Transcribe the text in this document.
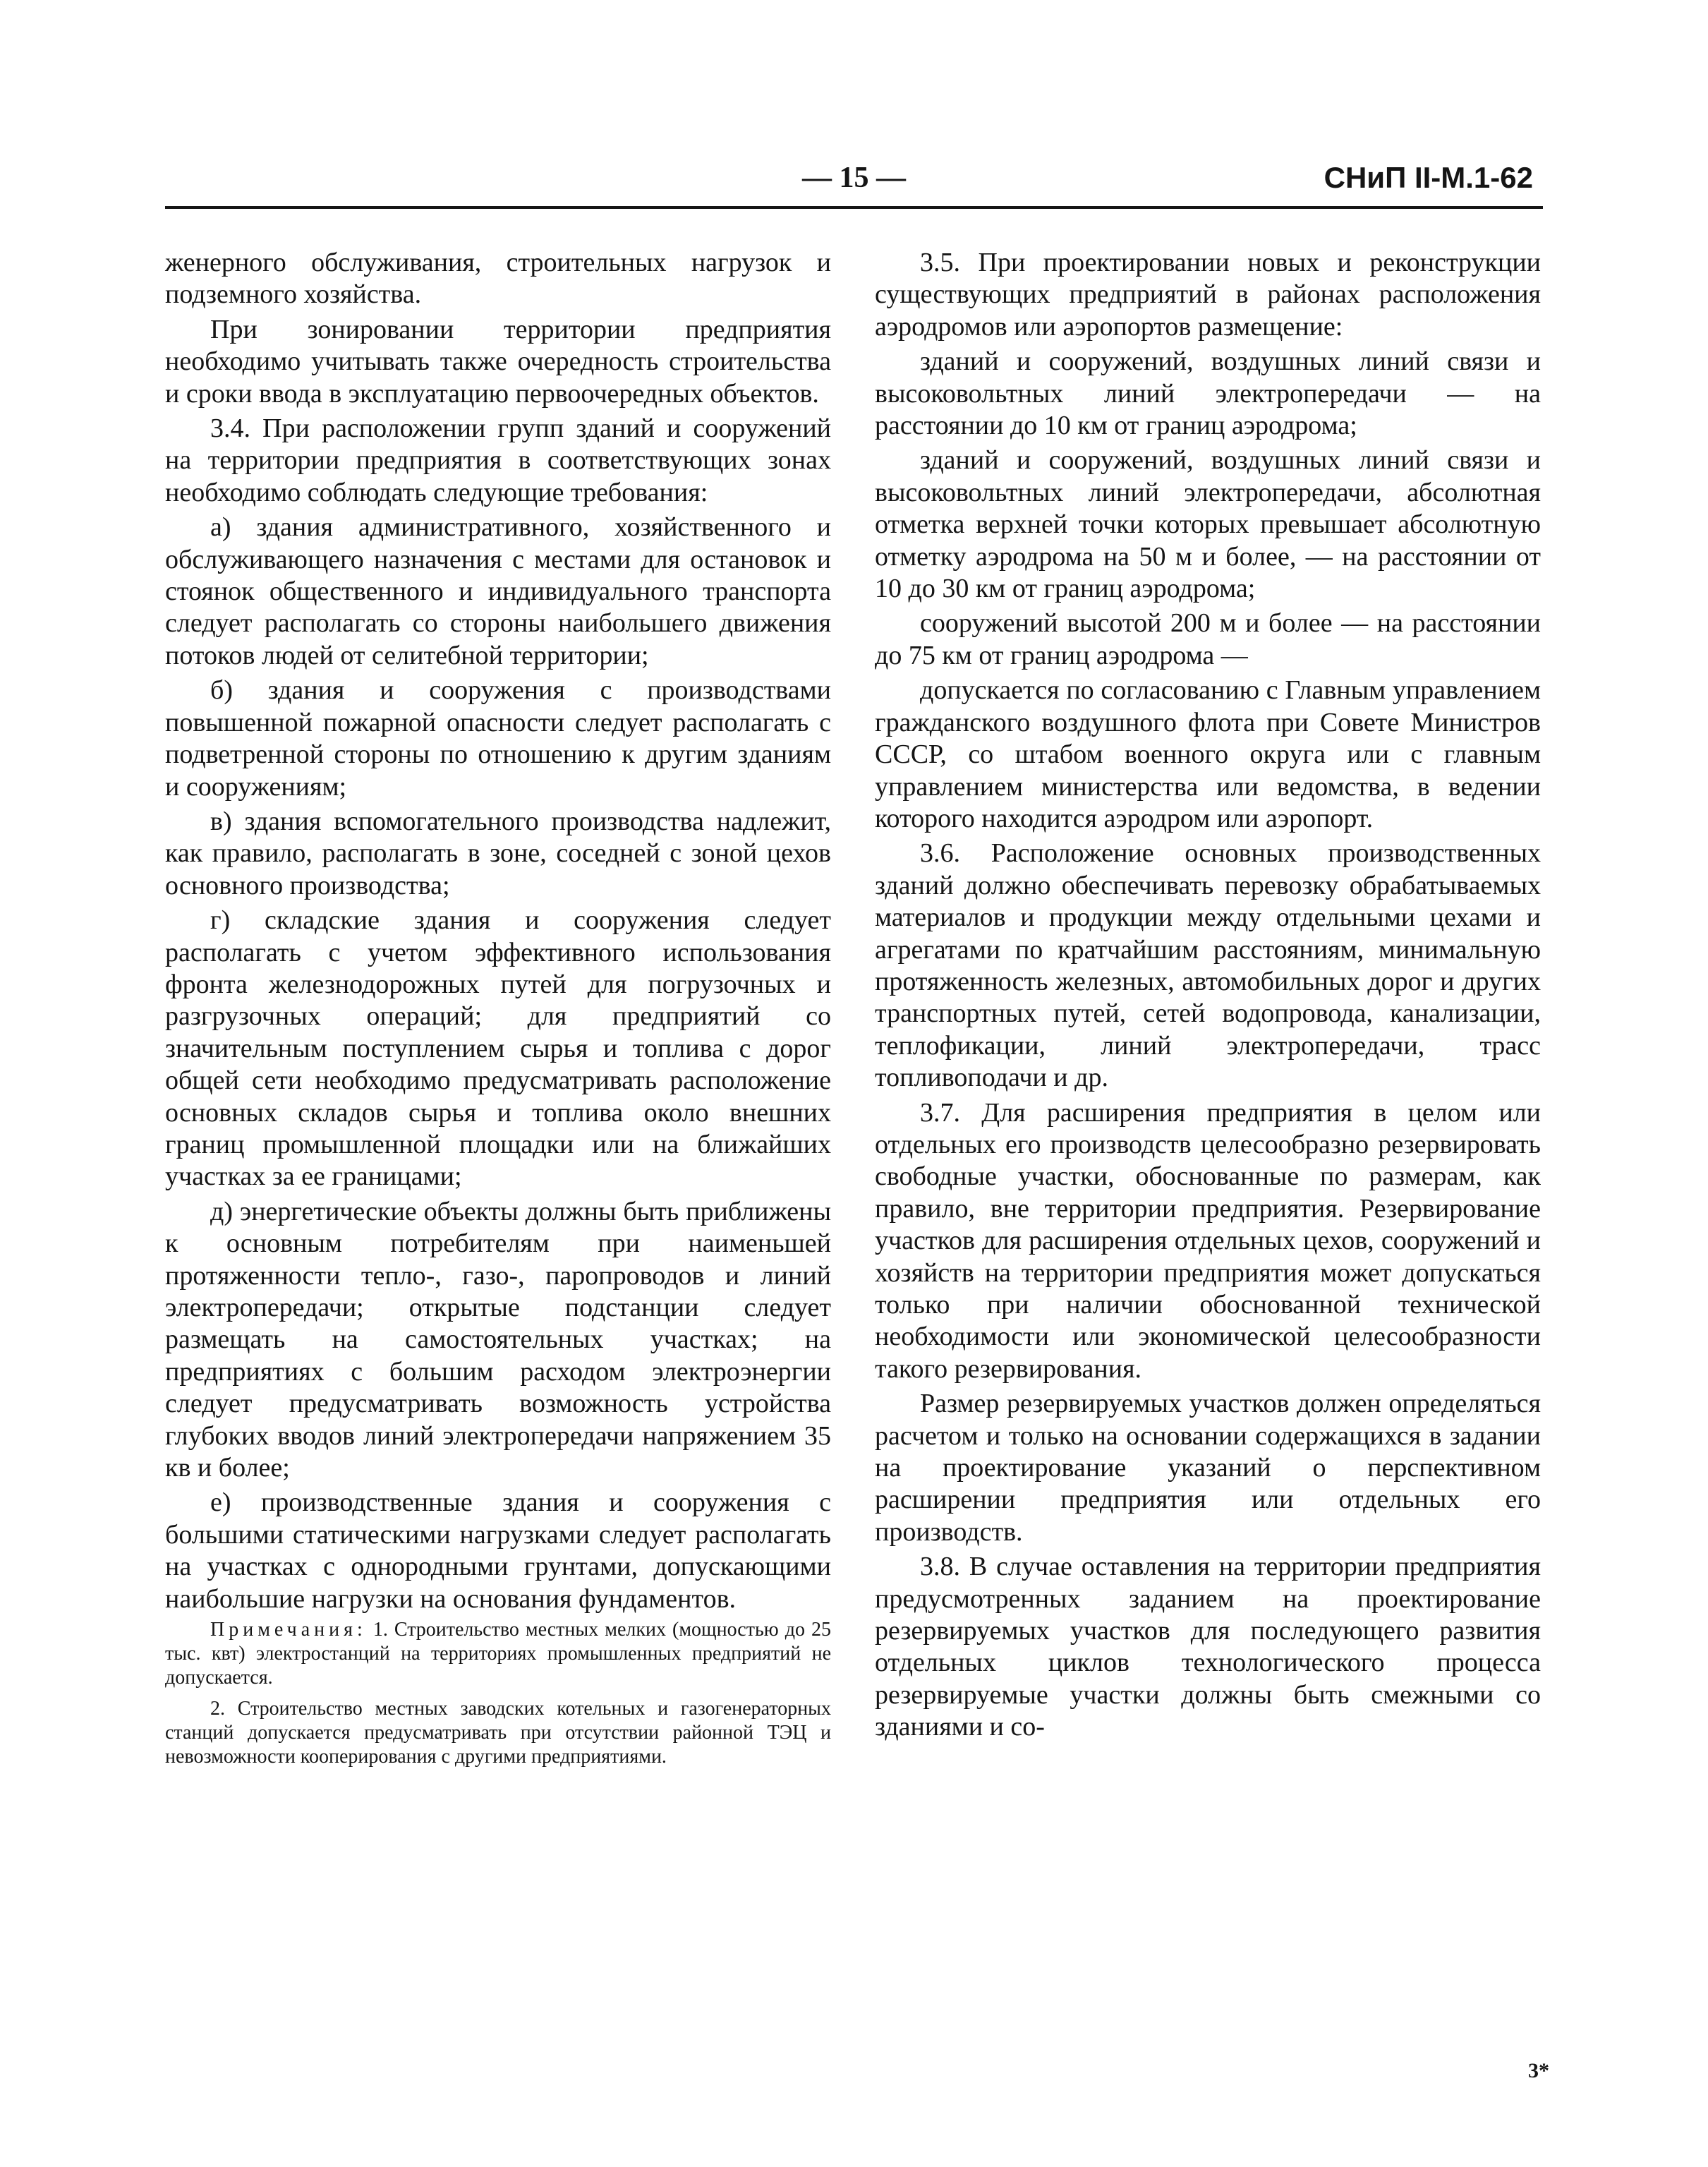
— 15 —	СНиП II-М.1-62

женерного обслуживания, строительных нагрузок и подземного хозяйства.

При зонировании территории предприятия необходимо учитывать также очередность строительства и сроки ввода в эксплуатацию первоочередных объектов.

3.4. При расположении групп зданий и сооружений на территории предприятия в соответствующих зонах необходимо соблюдать следующие требования:

а) здания административного, хозяйственного и обслуживающего назначения с местами для остановок и стоянок общественного и индивидуального транспорта следует располагать со стороны наибольшего движения потоков людей от селитебной территории;

б) здания и сооружения с производствами повышенной пожарной опасности следует располагать с подветренной стороны по отношению к другим зданиям и сооружениям;

в) здания вспомогательного производства надлежит, как правило, располагать в зоне, соседней с зоной цехов основного производства;

г) складские здания и сооружения следует располагать с учетом эффективного использования фронта железнодорожных путей для погрузочных и разгрузочных операций; для предприятий со значительным поступлением сырья и топлива с дорог общей сети необходимо предусматривать расположение основных складов сырья и топлива около внешних границ промышленной площадки или на ближайших участках за ее границами;

д) энергетические объекты должны быть приближены к основным потребителям при наименьшей протяженности тепло-, газо-, паропроводов и линий электропередачи; открытые подстанции следует размещать на самостоятельных участках; на предприятиях с большим расходом электроэнергии следует предусматривать возможность устройства глубоких вводов линий электропередачи напряжением 35 кв и более;

е) производственные здания и сооружения с большими статическими нагрузками следует располагать на участках с однородными грунтами, допускающими наибольшие нагрузки на основания фундаментов.

Примечания: 1. Строительство местных мелких (мощностью до 25 тыс. квт) электростанций на территориях промышленных предприятий не допускается.

2. Строительство местных заводских котельных и газогенераторных станций допускается предусматривать при отсутствии районной ТЭЦ и невозможности кооперирования с другими предприятиями.

3.5. При проектировании новых и реконструкции существующих предприятий в районах расположения аэродромов или аэропортов размещение:

зданий и сооружений, воздушных линий связи и высоковольтных линий электропередачи — на расстоянии до 10 км от границ аэродрома;

зданий и сооружений, воздушных линий связи и высоковольтных линий электропередачи, абсолютная отметка верхней точки которых превышает абсолютную отметку аэродрома на 50 м и более, — на расстоянии от 10 до 30 км от границ аэродрома;

сооружений высотой 200 м и более — на расстоянии до 75 км от границ аэродрома —

допускается по согласованию с Главным управлением гражданского воздушного флота при Совете Министров СССР, со штабом военного округа или с главным управлением министерства или ведомства, в ведении которого находится аэродром или аэропорт.

3.6. Расположение основных производственных зданий должно обеспечивать перевозку обрабатываемых материалов и продукции между отдельными цехами и агрегатами по кратчайшим расстояниям, минимальную протяженность железных, автомобильных дорог и других транспортных путей, сетей водопровода, канализации, теплофикации, линий электропередачи, трасс топливоподачи и др.

3.7. Для расширения предприятия в целом или отдельных его производств целесообразно резервировать свободные участки, обоснованные по размерам, как правило, вне территории предприятия. Резервирование участков для расширения отдельных цехов, сооружений и хозяйств на территории предприятия может допускаться только при наличии обоснованной технической необходимости или экономической целесообразности такого резервирования.

Размер резервируемых участков должен определяться расчетом и только на основании содержащихся в задании на проектирование указаний о перспективном расширении предприятия или отдельных его производств.

3.8. В случае оставления на территории предприятия предусмотренных заданием на проектирование резервируемых участков для последующего развития отдельных циклов технологического процесса резервируемые участки должны быть смежными со зданиями и со-

3*
